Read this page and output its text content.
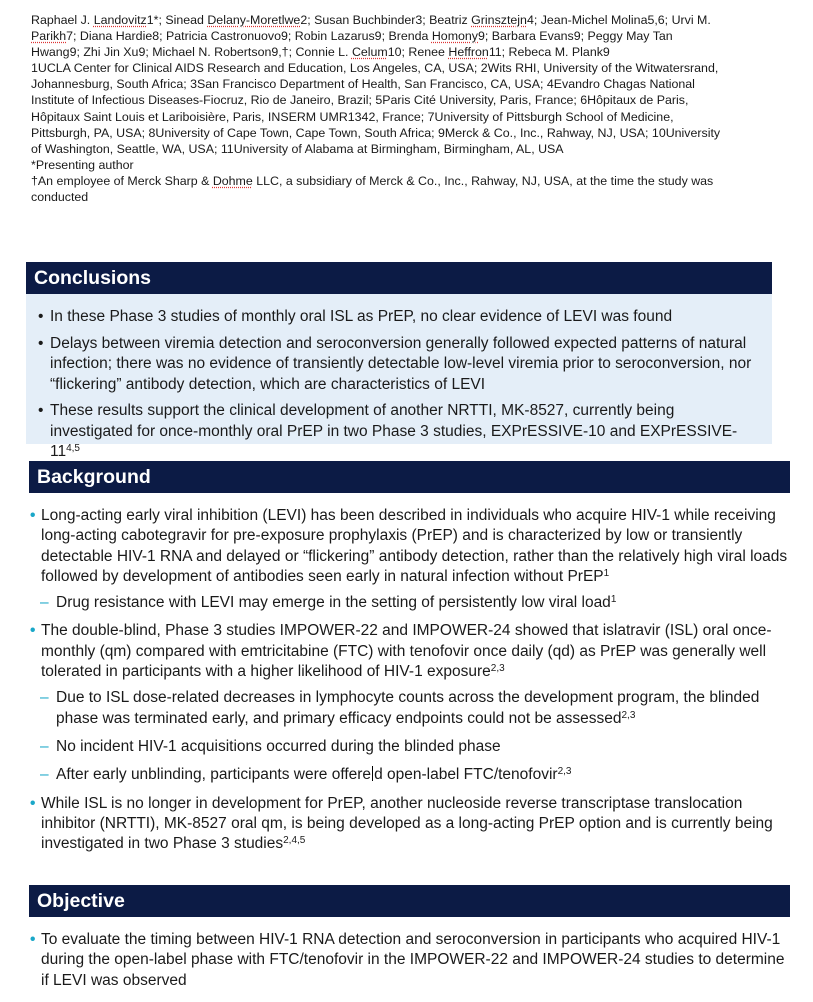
Raphael J. Landovitz1*; Sinead Delany-Moretlwe2; Susan Buchbinder3; Beatriz Grinsztejn4; Jean-Michel Molina5,6; Urvi M. Parikh7; Diana Hardie8; Patricia Castronuovo9; Robin Lazarus9; Brenda Homony9; Barbara Evans9; Peggy May Tan Hwang9; Zhi Jin Xu9; Michael N. Robertson9,†; Connie L. Celum10; Renee Heffron11; Rebeca M. Plank9

1UCLA Center for Clinical AIDS Research and Education, Los Angeles, CA, USA; 2Wits RHI, University of the Witwatersrand, Johannesburg, South Africa; 3San Francisco Department of Health, San Francisco, CA, USA; 4Evandro Chagas National Institute of Infectious Diseases-Fiocruz, Rio de Janeiro, Brazil; 5Paris Cité University, Paris, France; 6Hôpitaux de Paris, Hôpitaux Saint Louis et Lariboisière, Paris, INSERM UMR1342, France; 7University of Pittsburgh School of Medicine, Pittsburgh, PA, USA; 8University of Cape Town, Cape Town, South Africa; 9Merck & Co., Inc., Rahway, NJ, USA; 10University of Washington, Seattle, WA, USA; 11University of Alabama at Birmingham, Birmingham, AL, USA

*Presenting author

†An employee of Merck Sharp & Dohme LLC, a subsidiary of Merck & Co., Inc., Rahway, NJ, USA, at the time the study was conducted

Conclusions
• In these Phase 3 studies of monthly oral ISL as PrEP, no clear evidence of LEVI was found
• Delays between viremia detection and seroconversion generally followed expected patterns of natural infection; there was no evidence of transiently detectable low-level viremia prior to seroconversion, nor “flickering” antibody detection, which are characteristics of LEVI
• These results support the clinical development of another NRTTI, MK-8527, currently being investigated for once-monthly oral PrEP in two Phase 3 studies, EXPrESSIVE-10 and EXPrESSIVE-11$^{4,5}$
Background
• Long-acting early viral inhibition (LEVI) has been described in individuals who acquire HIV-1 while receiving long-acting cabotegravir for pre-exposure prophylaxis (PrEP) and is characterized by low or transiently detectable HIV-1 RNA and delayed or “flickering” antibody detection, rather than the relatively high viral loads followed by development of antibodies seen early in natural infection without PrEP$^1$
– Drug resistance with LEVI may emerge in the setting of persistently low viral load$^1$
• The double-blind, Phase 3 studies IMPOWER-22 and IMPOWER-24 showed that islatravir (ISL) oral once-monthly (qm) compared with emtricitabine (FTC) with tenofovir once daily (qd) as PrEP was generally well tolerated in participants with a higher likelihood of HIV-1 exposure$^{2,3}$
– Due to ISL dose-related decreases in lymphocyte counts across the development program, the blinded phase was terminated early, and primary efficacy endpoints could not be assessed$^{2,3}$
– No incident HIV-1 acquisitions occurred during the blinded phase
– After early unblinding, participants were offere d open-label FTC/tenofovir$^{2,3}$
• While ISL is no longer in development for PrEP, another nucleoside reverse transcriptase translocation inhibitor (NRTTI), MK-8527 oral qm, is being developed as a long-acting PrEP option and is currently being investigated in two Phase 3 studies$^{2,4,5}$
Objective
• To evaluate the timing between HIV-1 RNA detection and seroconversion in participants who acquired HIV-1 during the open-label phase with FTC/tenofovir in the IMPOWER-22 and IMPOWER-24 studies to determine if LEVI was observed
